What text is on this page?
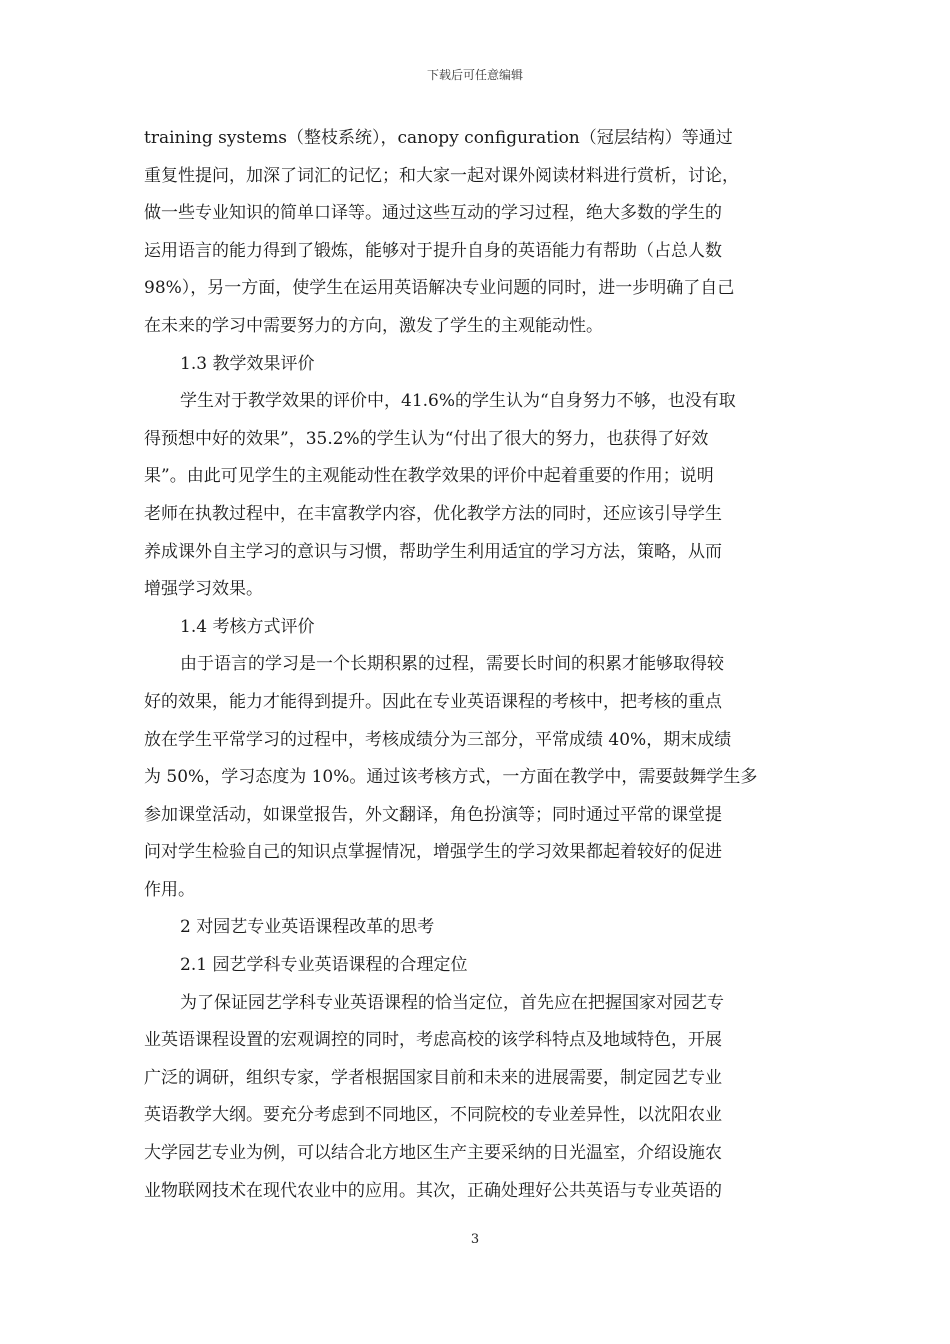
下载后可任意编辑
training systems（整枝系统），canopy configuration（冠层结构）等通过
重复性提问，加深了词汇的记忆；和大家一起对课外阅读材料进行赏析，讨论，
做一些专业知识的简单口译等。通过这些互动的学习过程，绝大多数的学生的
运用语言的能力得到了锻炼，能够对于提升自身的英语能力有帮助（占总人数
98%），另一方面，使学生在运用英语解决专业问题的同时，进一步明确了自己
在未来的学习中需要努力的方向，激发了学生的主观能动性。
1.3 教学效果评价
学生对于教学效果的评价中，41.6%的学生认为“自身努力不够，也没有取
得预想中好的效果”，35.2%的学生认为“付出了很大的努力，也获得了好效
果”。由此可见学生的主观能动性在教学效果的评价中起着重要的作用；说明
老师在执教过程中，在丰富教学内容，优化教学方法的同时，还应该引导学生
养成课外自主学习的意识与习惯，帮助学生利用适宜的学习方法，策略，从而
增强学习效果。
1.4 考核方式评价
由于语言的学习是一个长期积累的过程，需要长时间的积累才能够取得较
好的效果，能力才能得到提升。因此在专业英语课程的考核中，把考核的重点
放在学生平常学习的过程中，考核成绩分为三部分，平常成绩 40%，期末成绩
为 50%，学习态度为 10%。通过该考核方式，一方面在教学中，需要鼓舞学生多
参加课堂活动，如课堂报告，外文翻译，角色扮演等；同时通过平常的课堂提
问对学生检验自己的知识点掌握情况，增强学生的学习效果都起着较好的促进
作用。
2 对园艺专业英语课程改革的思考
2.1 园艺学科专业英语课程的合理定位
为了保证园艺学科专业英语课程的恰当定位，首先应在把握国家对园艺专
业英语课程设置的宏观调控的同时，考虑高校的该学科特点及地域特色，开展
广泛的调研，组织专家，学者根据国家目前和未来的进展需要，制定园艺专业
英语教学大纲。要充分考虑到不同地区，不同院校的专业差异性，以沈阳农业
大学园艺专业为例，可以结合北方地区生产主要采纳的日光温室，介绍设施农
业物联网技术在现代农业中的应用。其次，正确处理好公共英语与专业英语的
3
